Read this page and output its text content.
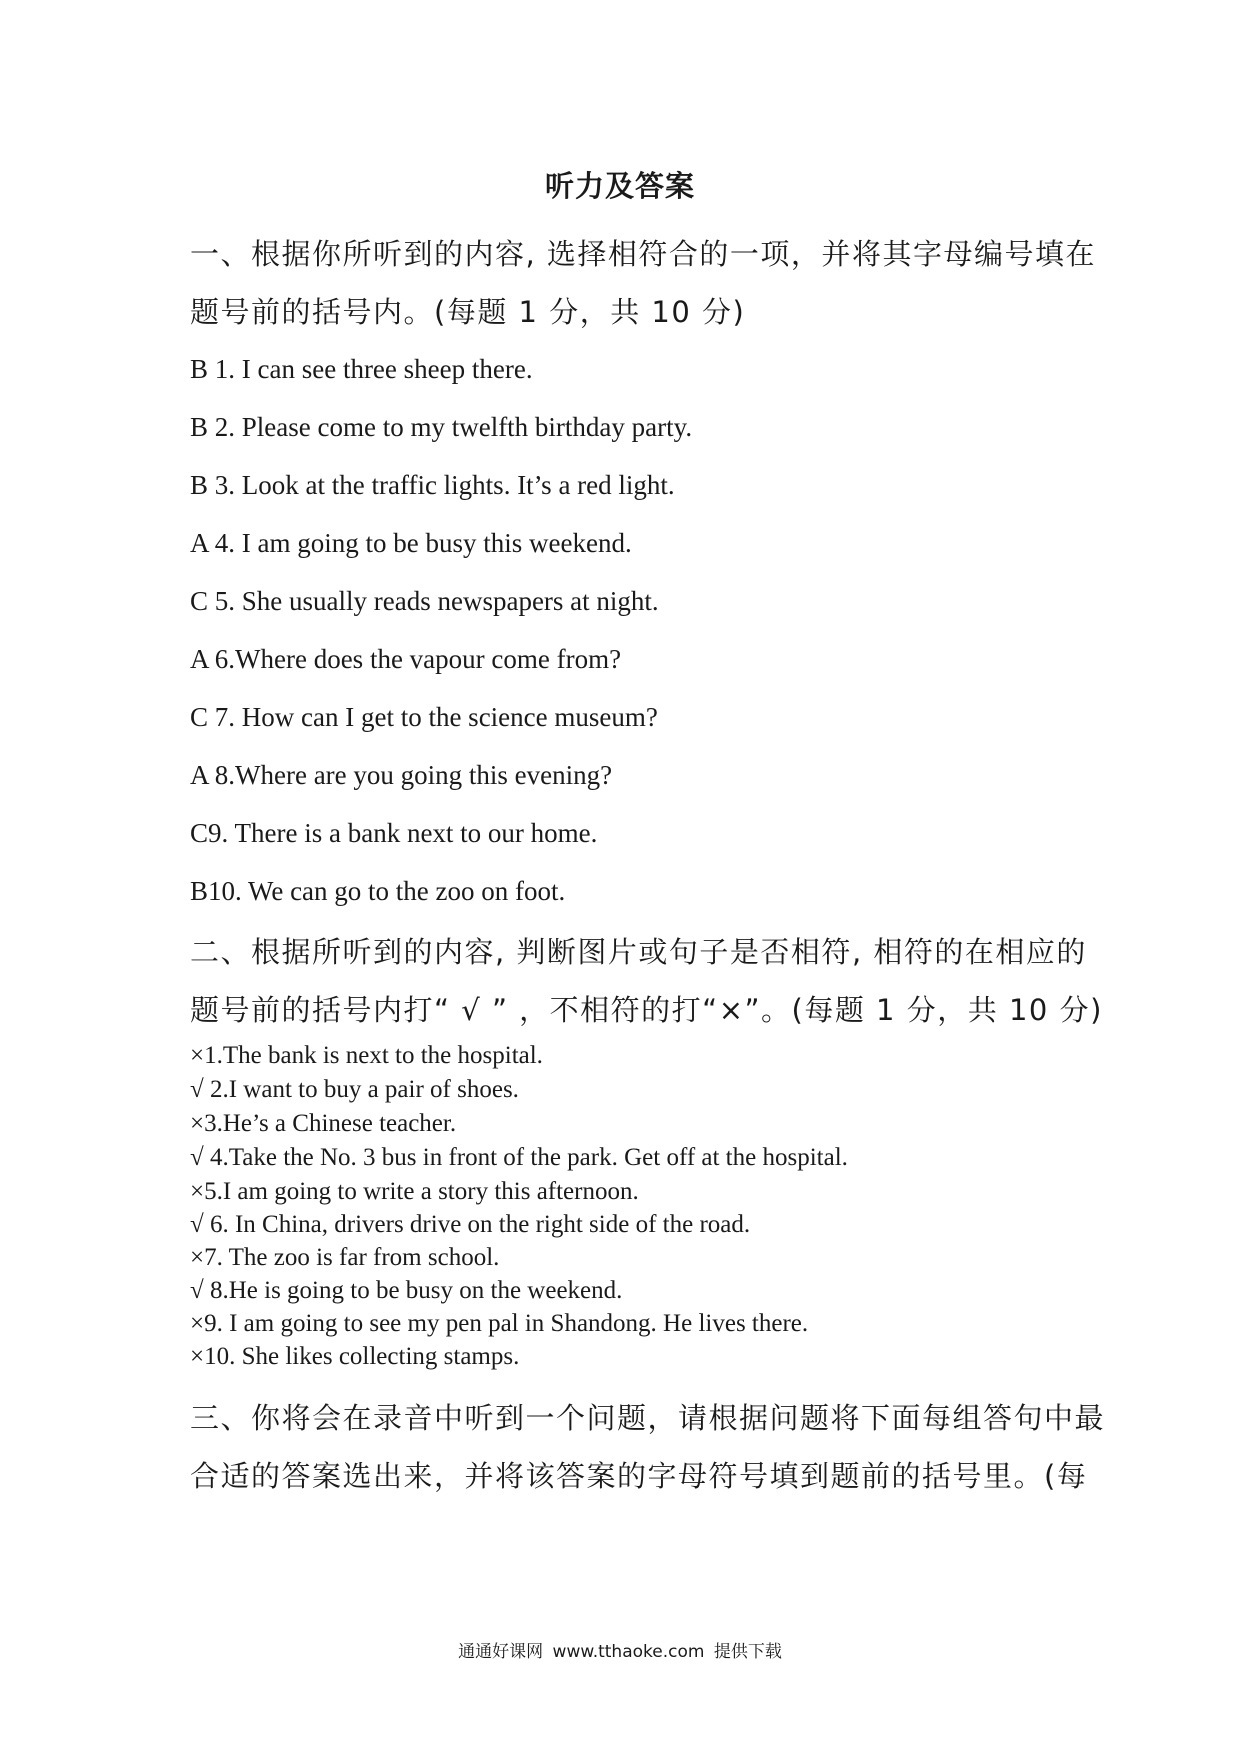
听力及答案
一、根据你所听到的内容, 选择相符合的一项，并将其字母编号填在
题号前的括号内。(每题 1 分，共 10 分)
B 1. I can see three sheep there.
B 2. Please come to my twelfth birthday party.
B 3. Look at the traffic lights. It’s a red light.
A 4. I am going to be busy this weekend.
C 5. She usually reads newspapers at night.
A 6.Where does the vapour come from?
C 7. How can I get to the science museum?
A 8.Where are you going this evening?
C9. There is a bank next to our home.
B10. We can go to the zoo on foot.
二、根据所听到的内容, 判断图片或句子是否相符, 相符的在相应的
题号前的括号内打“ √ ” ，不相符的打“×”。(每题 1 分，共 10 分)
×1.The bank is next to the hospital.
√ 2.I want to buy a pair of shoes.
×3.He’s a Chinese teacher.
√ 4.Take the No. 3 bus in front of the park. Get off at the hospital.
×5.I am going to write a story this afternoon.
√ 6. In China, drivers drive on the right side of the road.
×7. The zoo is far from school.
√ 8.He is going to be busy on the weekend.
×9. I am going to see my pen pal in Shandong. He lives there.
×10. She likes collecting stamps.
三、你将会在录音中听到一个问题，请根据问题将下面每组答句中最
合适的答案选出来，并将该答案的字母符号填到题前的括号里。(每
通通好课网 www.tthaoke.com 提供下载
